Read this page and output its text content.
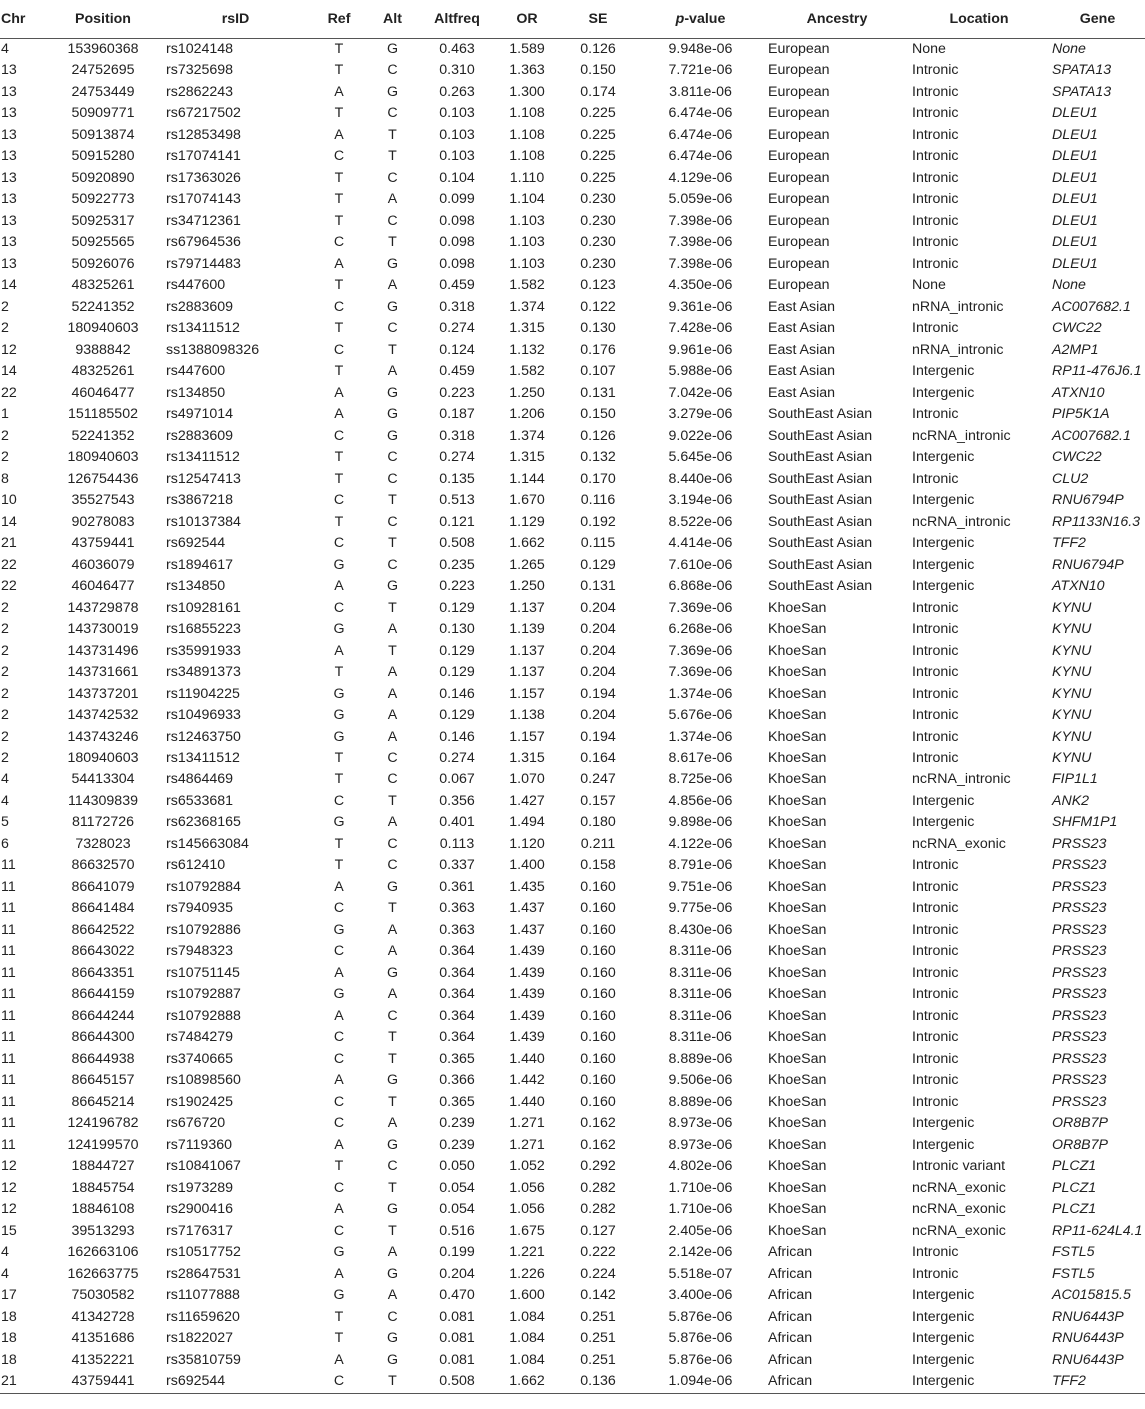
Chr	Position	rsID	Ref	Alt	Altfreq	OR	SE	p-value	Ancestry	Location	Gene
4	153960368	rs1024148	T	G	0.463	1.589	0.126	9.948e-06	European	None	None
13	24752695	rs7325698	T	C	0.310	1.363	0.150	7.721e-06	European	Intronic	SPATA13
13	24753449	rs2862243	A	G	0.263	1.300	0.174	3.811e-06	European	Intronic	SPATA13
13	50909771	rs67217502	T	C	0.103	1.108	0.225	6.474e-06	European	Intronic	DLEU1
13	50913874	rs12853498	A	T	0.103	1.108	0.225	6.474e-06	European	Intronic	DLEU1
13	50915280	rs17074141	C	T	0.103	1.108	0.225	6.474e-06	European	Intronic	DLEU1
13	50920890	rs17363026	T	C	0.104	1.110	0.225	4.129e-06	European	Intronic	DLEU1
13	50922773	rs17074143	T	A	0.099	1.104	0.230	5.059e-06	European	Intronic	DLEU1
13	50925317	rs34712361	T	C	0.098	1.103	0.230	7.398e-06	European	Intronic	DLEU1
13	50925565	rs67964536	C	T	0.098	1.103	0.230	7.398e-06	European	Intronic	DLEU1
13	50926076	rs79714483	A	G	0.098	1.103	0.230	7.398e-06	European	Intronic	DLEU1
14	48325261	rs447600	T	A	0.459	1.582	0.123	4.350e-06	European	None	None
2	52241352	rs2883609	C	G	0.318	1.374	0.122	9.361e-06	East Asian	nRNA_intronic	AC007682.1
2	180940603	rs13411512	T	C	0.274	1.315	0.130	7.428e-06	East Asian	Intronic	CWC22
12	9388842	ss1388098326	C	T	0.124	1.132	0.176	9.961e-06	East Asian	nRNA_intronic	A2MP1
14	48325261	rs447600	T	A	0.459	1.582	0.107	5.988e-06	East Asian	Intergenic	RP11-476J6.1
22	46046477	rs134850	A	G	0.223	1.250	0.131	7.042e-06	East Asian	Intergenic	ATXN10
1	151185502	rs4971014	A	G	0.187	1.206	0.150	3.279e-06	SouthEast Asian	Intronic	PIP5K1A
2	52241352	rs2883609	C	G	0.318	1.374	0.126	9.022e-06	SouthEast Asian	ncRNA_intronic	AC007682.1
2	180940603	rs13411512	T	C	0.274	1.315	0.132	5.645e-06	SouthEast Asian	Intergenic	CWC22
8	126754436	rs12547413	T	C	0.135	1.144	0.170	8.440e-06	SouthEast Asian	Intronic	CLU2
10	35527543	rs3867218	C	T	0.513	1.670	0.116	3.194e-06	SouthEast Asian	Intergenic	RNU6794P
14	90278083	rs10137384	T	C	0.121	1.129	0.192	8.522e-06	SouthEast Asian	ncRNA_intronic	RP1133N16.3
21	43759441	rs692544	C	T	0.508	1.662	0.115	4.414e-06	SouthEast Asian	Intergenic	TFF2
22	46036079	rs1894617	G	C	0.235	1.265	0.129	7.610e-06	SouthEast Asian	Intergenic	RNU6794P
22	46046477	rs134850	A	G	0.223	1.250	0.131	6.868e-06	SouthEast Asian	Intergenic	ATXN10
2	143729878	rs10928161	C	T	0.129	1.137	0.204	7.369e-06	KhoeSan	Intronic	KYNU
2	143730019	rs16855223	G	A	0.130	1.139	0.204	6.268e-06	KhoeSan	Intronic	KYNU
2	143731496	rs35991933	A	T	0.129	1.137	0.204	7.369e-06	KhoeSan	Intronic	KYNU
2	143731661	rs34891373	T	A	0.129	1.137	0.204	7.369e-06	KhoeSan	Intronic	KYNU
2	143737201	rs11904225	G	A	0.146	1.157	0.194	1.374e-06	KhoeSan	Intronic	KYNU
2	143742532	rs10496933	G	A	0.129	1.138	0.204	5.676e-06	KhoeSan	Intronic	KYNU
2	143743246	rs12463750	G	A	0.146	1.157	0.194	1.374e-06	KhoeSan	Intronic	KYNU
2	180940603	rs13411512	T	C	0.274	1.315	0.164	8.617e-06	KhoeSan	Intronic	KYNU
4	54413304	rs4864469	T	C	0.067	1.070	0.247	8.725e-06	KhoeSan	ncRNA_intronic	FIP1L1
4	114309839	rs6533681	C	T	0.356	1.427	0.157	4.856e-06	KhoeSan	Intergenic	ANK2
5	81172726	rs62368165	G	A	0.401	1.494	0.180	9.898e-06	KhoeSan	Intergenic	SHFM1P1
6	7328023	rs145663084	T	C	0.113	1.120	0.211	4.122e-06	KhoeSan	ncRNA_exonic	PRSS23
11	86632570	rs612410	T	C	0.337	1.400	0.158	8.791e-06	KhoeSan	Intronic	PRSS23
11	86641079	rs10792884	A	G	0.361	1.435	0.160	9.751e-06	KhoeSan	Intronic	PRSS23
11	86641484	rs7940935	C	T	0.363	1.437	0.160	9.775e-06	KhoeSan	Intronic	PRSS23
11	86642522	rs10792886	G	A	0.363	1.437	0.160	8.430e-06	KhoeSan	Intronic	PRSS23
11	86643022	rs7948323	C	A	0.364	1.439	0.160	8.311e-06	KhoeSan	Intronic	PRSS23
11	86643351	rs10751145	A	G	0.364	1.439	0.160	8.311e-06	KhoeSan	Intronic	PRSS23
11	86644159	rs10792887	G	A	0.364	1.439	0.160	8.311e-06	KhoeSan	Intronic	PRSS23
11	86644244	rs10792888	A	C	0.364	1.439	0.160	8.311e-06	KhoeSan	Intronic	PRSS23
11	86644300	rs7484279	C	T	0.364	1.439	0.160	8.311e-06	KhoeSan	Intronic	PRSS23
11	86644938	rs3740665	C	T	0.365	1.440	0.160	8.889e-06	KhoeSan	Intronic	PRSS23
11	86645157	rs10898560	A	G	0.366	1.442	0.160	9.506e-06	KhoeSan	Intronic	PRSS23
11	86645214	rs1902425	C	T	0.365	1.440	0.160	8.889e-06	KhoeSan	Intronic	PRSS23
11	124196782	rs676720	C	A	0.239	1.271	0.162	8.973e-06	KhoeSan	Intergenic	OR8B7P
11	124199570	rs7119360	A	G	0.239	1.271	0.162	8.973e-06	KhoeSan	Intergenic	OR8B7P
12	18844727	rs10841067	T	C	0.050	1.052	0.292	4.802e-06	KhoeSan	Intronic variant	PLCZ1
12	18845754	rs1973289	C	T	0.054	1.056	0.282	1.710e-06	KhoeSan	ncRNA_exonic	PLCZ1
12	18846108	rs2900416	A	G	0.054	1.056	0.282	1.710e-06	KhoeSan	ncRNA_exonic	PLCZ1
15	39513293	rs7176317	C	T	0.516	1.675	0.127	2.405e-06	KhoeSan	ncRNA_exonic	RP11-624L4.1
4	162663106	rs10517752	G	A	0.199	1.221	0.222	2.142e-06	African	Intronic	FSTL5
4	162663775	rs28647531	A	G	0.204	1.226	0.224	5.518e-07	African	Intronic	FSTL5
17	75030582	rs11077888	G	A	0.470	1.600	0.142	3.400e-06	African	Intergenic	AC015815.5
18	41342728	rs11659620	T	C	0.081	1.084	0.251	5.876e-06	African	Intergenic	RNU6443P
18	41351686	rs1822027	T	G	0.081	1.084	0.251	5.876e-06	African	Intergenic	RNU6443P
18	41352221	rs35810759	A	G	0.081	1.084	0.251	5.876e-06	African	Intergenic	RNU6443P
21	43759441	rs692544	C	T	0.508	1.662	0.136	1.094e-06	African	Intergenic	TFF2
